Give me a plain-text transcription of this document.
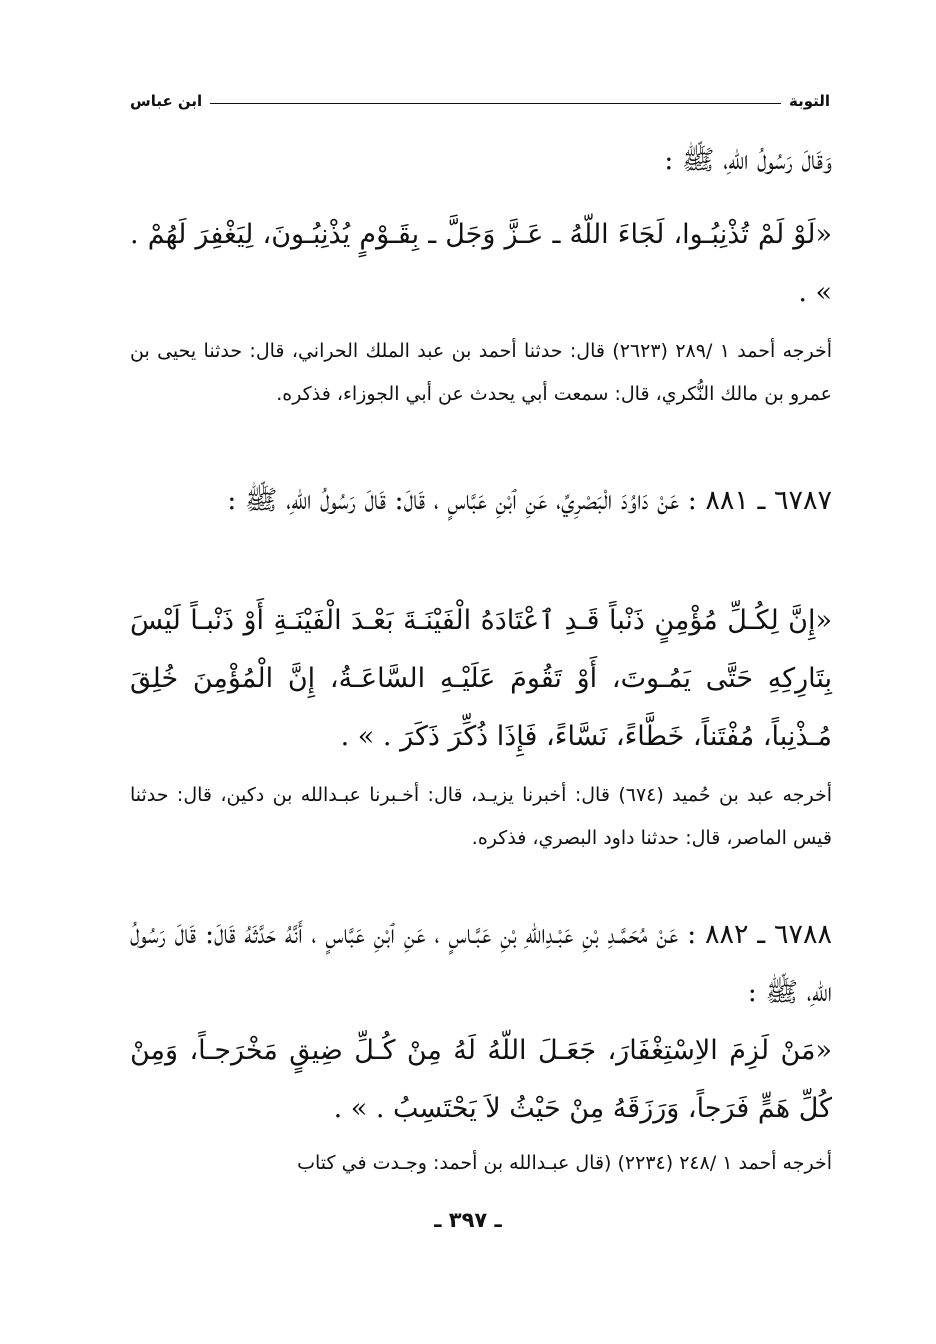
التوبة
ابن عباس

وَقَالَ رَسُولُ اللّهِ، ﷺ :

«لَوْ لَمْ تُذْنِبُـوا، لَجَاءَ اللّهُ ـ عَـزَّ وَجَلَّ ـ بِقَـوْمٍ يُذْنِبُـونَ، لِيَغْفِرَ لَهُمْ . » .

أخرجه أحمد ١ /٢٨٩ (٢٦٢٣) قال: حدثنا أحمد بن عبد الملك الحراني، قال: حدثنا يحيى بن عمرو بن مالك النُّكري، قال: سمعت أبي يحدث عن أبي الجوزاء، فذكره.

٦٧٨٧ ـ ٨٨١ : عَنْ دَاوُدَ الْبَصْرِيِّ، عَنِ ٱبْنِ عَبَّاسٍ ، قَالَ: قَالَ رَسُولُ اللّهِ، ﷺ :

«إِنَّ لِكُـلِّ مُؤْمِنٍ ذَنْباً قَـدِ ٱعْتَادَهُ الْفَيْنَـةَ بَعْـدَ الْفَيْنَـةِ أَوْ ذَنْبـاً لَيْسَ بِتَارِكِهِ حَتَّى يَمُـوتَ، أَوْ تَقُومَ عَلَيْـهِ السَّاعَـةُ، إِنَّ الْمُؤْمِنَ خُلِقَ مُـذْنِباً، مُفْتَناً، خَطَّاءً، نَسَّاءً، فَإِذَا ذُكِّرَ ذَكَرَ . » .

أخرجه عبد بن حُميد (٦٧٤) قال: أخبرنا يزيـد، قال: أخـبرنا عبـدالله بن دكين، قال: حدثنا قيس الماصر، قال: حدثنا داود البصري، فذكره.

٦٧٨٨ ـ ٨٨٢ : عَنْ مُحَمَّـدِ بْنِ عَبْـدِاللّهِ بْنِ عَبَّـاسٍ ، عَنِ ٱبْنِ عَبَّاسٍ ، أَنَّهُ حَدَّثَهُ قَالَ: قَالَ رَسُولُ اللّهِ، ﷺ :

«مَنْ لَزِمَ الاِسْتِغْفَارَ، جَعَـلَ اللّهُ لَهُ مِنْ كُـلِّ ضِيقٍ مَخْرَجـاً، وَمِنْ كُلِّ هَمٍّ فَرَجاً، وَرَزَقَهُ مِنْ حَيْثُ لاَ يَحْتَسِبُ . » .

أخرجه أحمد ١ /٢٤٨ (٢٢٣٤) (قال عبـدالله بن أحمد: وجـدت في كتاب

ـ ٣٩٧ ـ
